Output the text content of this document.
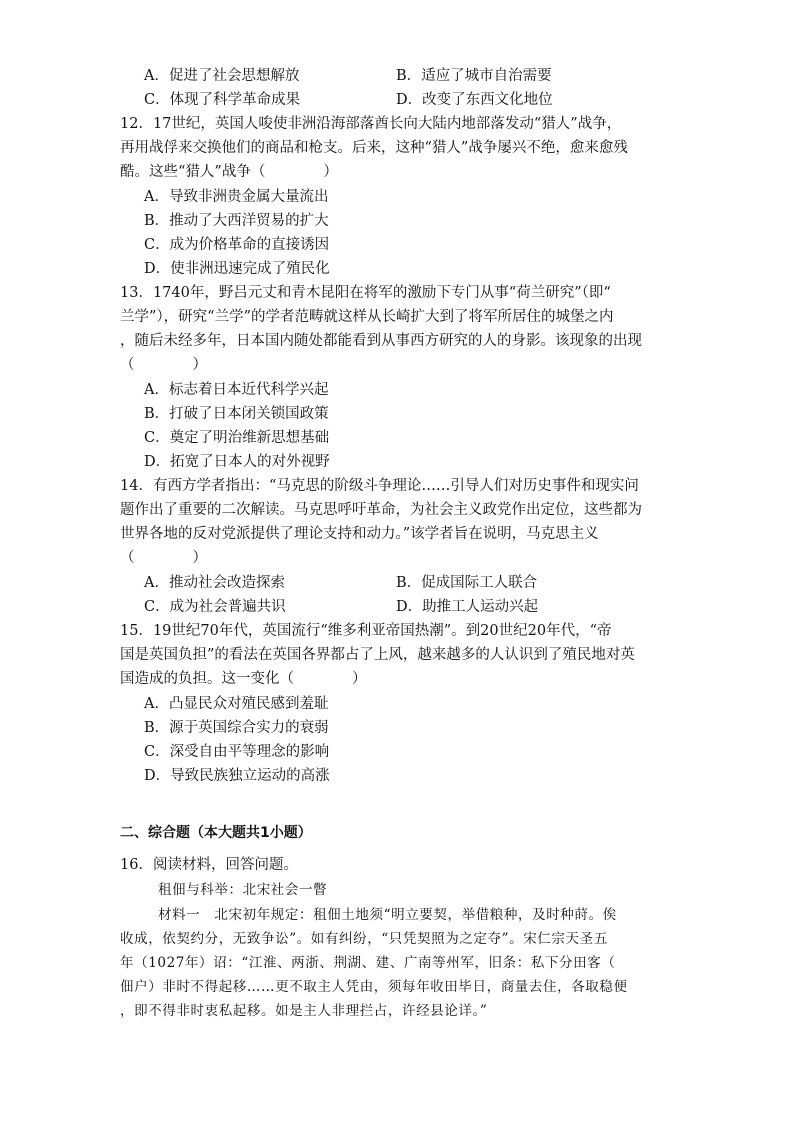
A．促进了社会思想解放	B．适应了城市自治需要
C．体现了科学革命成果	D．改变了东西文化地位
12．17世纪，英国人唆使非洲沿海部落酋长向大陆内地部落发动“猎人”战争，
再用战俘来交换他们的商品和枪支。后来，这种“猎人”战争屡兴不绝，愈来愈残
酷。这些“猎人”战争（　　　　）
A．导致非洲贵金属大量流出
B．推动了大西洋贸易的扩大
C．成为价格革命的直接诱因
D．使非洲迅速完成了殖民化
13．1740年，野吕元丈和青木昆阳在将军的激励下专门从事“荷兰研究”（即“
兰学”），研究“兰学”的学者范畴就这样从长崎扩大到了将军所居住的城堡之内
，随后未经多年，日本国内随处都能看到从事西方研究的人的身影。该现象的出现
（　　　　）
A．标志着日本近代科学兴起
B．打破了日本闭关锁国政策
C．奠定了明治维新思想基础
D．拓宽了日本人的对外视野
14．有西方学者指出：“马克思的阶级斗争理论……引导人们对历史事件和现实问
题作出了重要的二次解读。马克思呼吁革命，为社会主义政党作出定位，这些都为
世界各地的反对党派提供了理论支持和动力。”该学者旨在说明，马克思主义
（　　　　）
A．推动社会改造探索	B．促成国际工人联合
C．成为社会普遍共识	D．助推工人运动兴起
15．19世纪70年代，英国流行“维多利亚帝国热潮”。到20世纪20年代，“帝
国是英国负担”的看法在英国各界都占了上风，越来越多的人认识到了殖民地对英
国造成的负担。这一变化（　　　　）
A．凸显民众对殖民感到羞耻
B．源于英国综合实力的衰弱
C．深受自由平等理念的影响
D．导致民族独立运动的高涨
二、综合题（本大题共1小题）
16．阅读材料，回答问题。
租佃与科举：北宋社会一瞥
材料一　北宋初年规定：租佃土地须“明立要契，举借粮种，及时种莳。俟
收成，依契约分，无致争讼”。如有纠纷，“只凭契照为之定夺”。宋仁宗天圣五
年（1027年）诏：“江淮、两浙、荆湖、建、广南等州军，旧条：私下分田客（
佃户）非时不得起移……更不取主人凭由，须每年收田毕日，商量去住，各取稳便
，即不得非时衷私起移。如是主人非理拦占，许经县论详。”
